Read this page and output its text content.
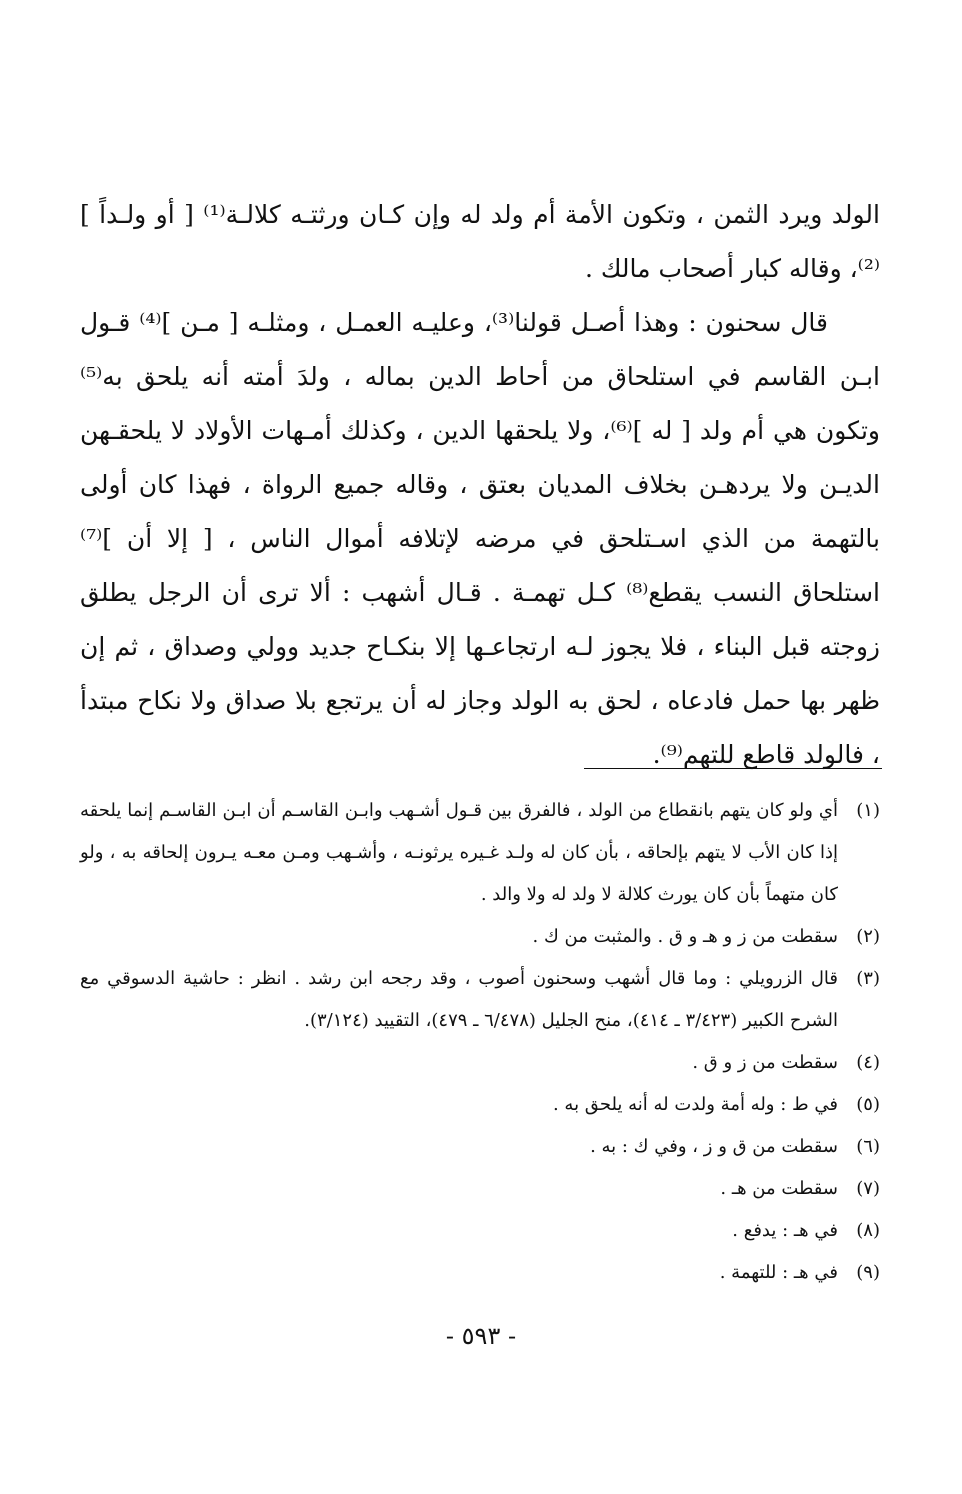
الولد ويرد الثمن ، وتكون الأمة أم ولد له وإن كـان ورثتـه كلالـة⁽¹⁾ [ أو ولـداً ]⁽²⁾، وقاله كبار أصحاب مالك .

قال سحنون : وهذا أصـل قولنا⁽³⁾، وعليـه العمـل ، ومثلـه [ مـن ]⁽⁴⁾ قـول ابـن القاسم في استلحاق من أحاط الدين بماله ، ولدَ أمته أنه يلحق به⁽⁵⁾ وتكون هي أم ولد [ له ]⁽⁶⁾، ولا يلحقها الدين ، وكذلك أمـهات الأولاد لا يلحقـهن الديـن ولا يردهـن بخلاف المديان بعتق ، وقاله جميع الرواة ، فهذا كان أولى بالتهمة من الذي اسـتلحق في مرضه لإتلافه أموال الناس ، [ إلا أن ]⁽⁷⁾ استلحاق النسب يقطع⁽⁸⁾ كـل تهمـة . قـال أشهب : ألا ترى أن الرجل يطلق زوجته قبل البناء ، فلا يجوز لـه ارتجاعـها إلا بنكـاح جديد وولي وصداق ، ثم إن ظهر بها حمل فادعاه ، لحق به الولد وجاز له أن يرتجع بلا صداق ولا نكاح مبتدأ ، فالولد قاطع للتهم⁽⁹⁾.

(١)
أي ولو كان يتهم بانقطاع من الولد ، فالفرق بين قـول أشـهب وابـن القاسـم أن ابـن القاسـم إنما يلحقه إذا كان الأب لا يتهم بإلحاقه ، بأن كان له ولـد غـيره يرثونـه ، وأشـهب ومـن معـه يـرون إلحاقه به ، ولو كان متهماً بأن كان يورث كلالة لا ولد له ولا والد .
(٢)
سقطت من ز و هـ و ق . والمثبت من ك .
(٣)
قال الزرويلي : وما قال أشهب وسحنون أصوب ، وقد رجحه ابن رشد . انظر : حاشية الدسوقي مع الشرح الكبير (٣/٤٢٣ ـ ٤١٤)، منح الجليل (٦/٤٧٨ ـ ٤٧٩)، التقييد (٣/١٢٤).
(٤)
سقطت من ز و ق .
(٥)
في ط : وله أمة ولدت له أنه يلحق به .
(٦)
سقطت من ق و ز ، وفي ك : به .
(٧)
سقطت من هـ .
(٨)
في هـ : يدفع .
(٩)
في هـ : للتهمة .
- ٥٩٣ -
